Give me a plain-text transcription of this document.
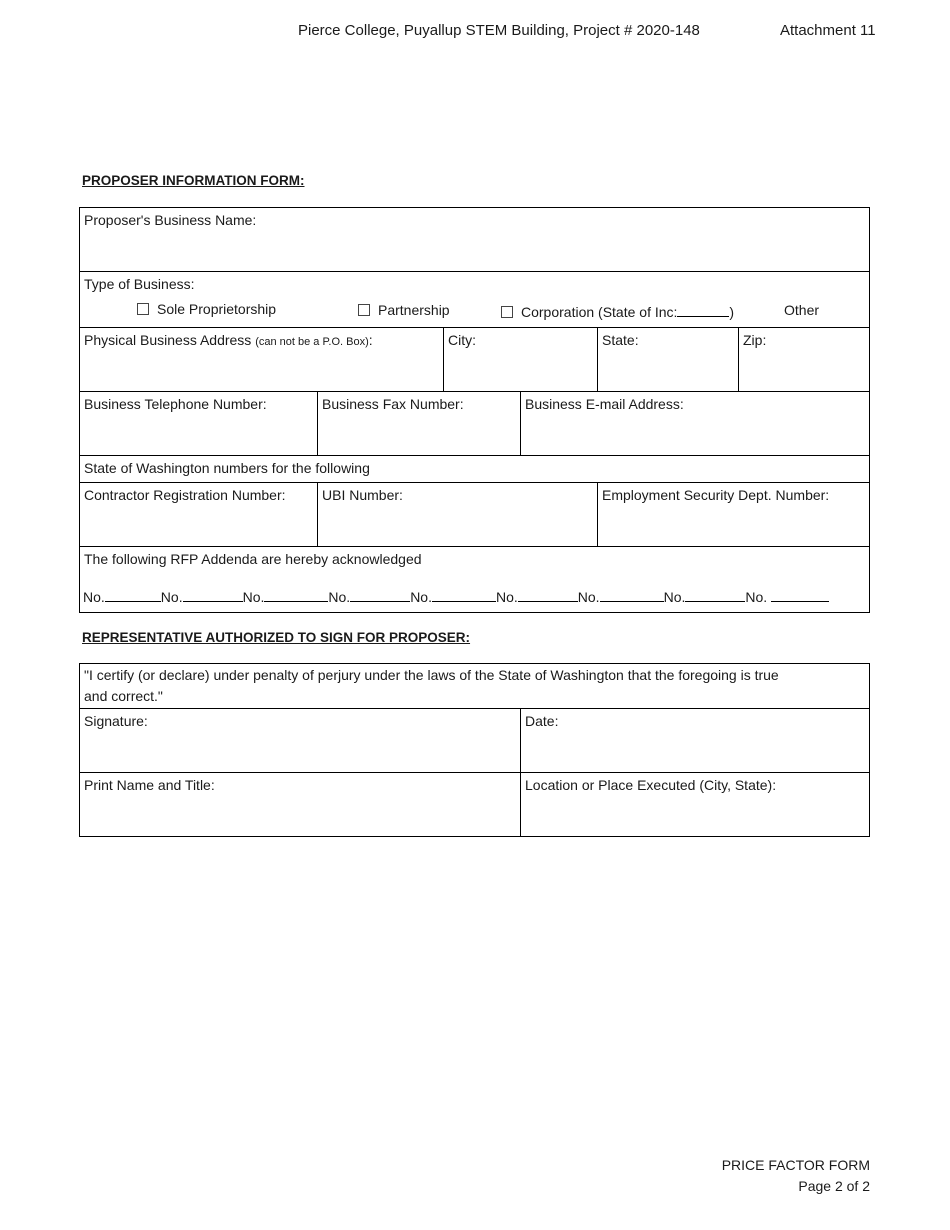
Pierce College, Puyallup STEM Building, Project # 2020-148	Attachment 11
PROPOSER INFORMATION FORM:
Proposer's Business Name:
Type of Business:
Sole Proprietorship	Partnership	Corporation (State of Inc:	)	Other
Physical Business Address (can not be a P.O. Box):	City:	State:	Zip:
Business Telephone Number:	Business Fax Number:	Business E-mail Address:
State of Washington numbers for the following
Contractor Registration Number:	UBI Number:	Employment Security Dept. Number:
The following RFP Addenda are hereby acknowledged
No.	No.	No.	No.	No.	No.	No.	No.	No.
REPRESENTATIVE AUTHORIZED TO SIGN FOR PROPOSER:
"I certify (or declare) under penalty of perjury under the laws of the State of Washington that the foregoing is true
and correct."
Signature:	Date:
Print Name and Title:	Location or Place Executed (City, State):
PRICE FACTOR FORM
Page 2 of 2
